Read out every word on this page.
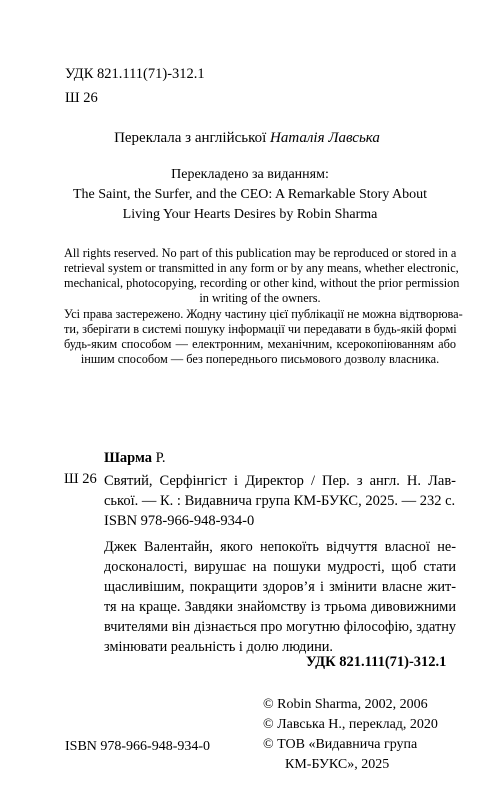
УДК 821.111(71)-312.1
Ш 26
Переклала з англійської Наталія Лавська
Перекладено за виданням:
The Saint, the Surfer, and the CEO: A Remarkable Story About
Living Your Hearts Desires by Robin Sharma
All rights reserved. No part of this publication may be reproduced or stored in a
retrieval system or transmitted in any form or by any means, whether electronic,
mechanical, photocopying, recording or other kind, without the prior permission
in writing of the owners.
Усі права застережено. Жодну частину цієї публікації не можна відтворюва-
ти, зберігати в системі пошуку інформації чи передавати в будь-якій формі
будь-яким способом — електронним, механічним, ксерокопіюванням або
іншим способом — без попереднього письмового дозволу власника.
Шарма Р.
Ш 26 Святий, Серфінгіст і Директор / Пер. з англ. Н. Лав-
ської. — К. : Видавнича група КМ-БУКС, 2025. — 232 с.
ISBN 978-966-948-934-0
Джек Валентайн, якого непокоїть відчуття власної не-
досконалості, вирушає на пошуки мудрості, щоб стати
щасливішим, покращити здоров’я і змінити власне жит-
тя на краще. Завдяки знайомству із трьома дивовижними
вчителями він дізнається про могутню філософію, здатну
змінювати реальність і долю людини.
УДК 821.111(71)-312.1
© Robin Sharma, 2002, 2006
© Лавська Н., переклад, 2020
© ТОВ «Видавнича група
КМ-БУКС», 2025
ISBN 978-966-948-934-0
